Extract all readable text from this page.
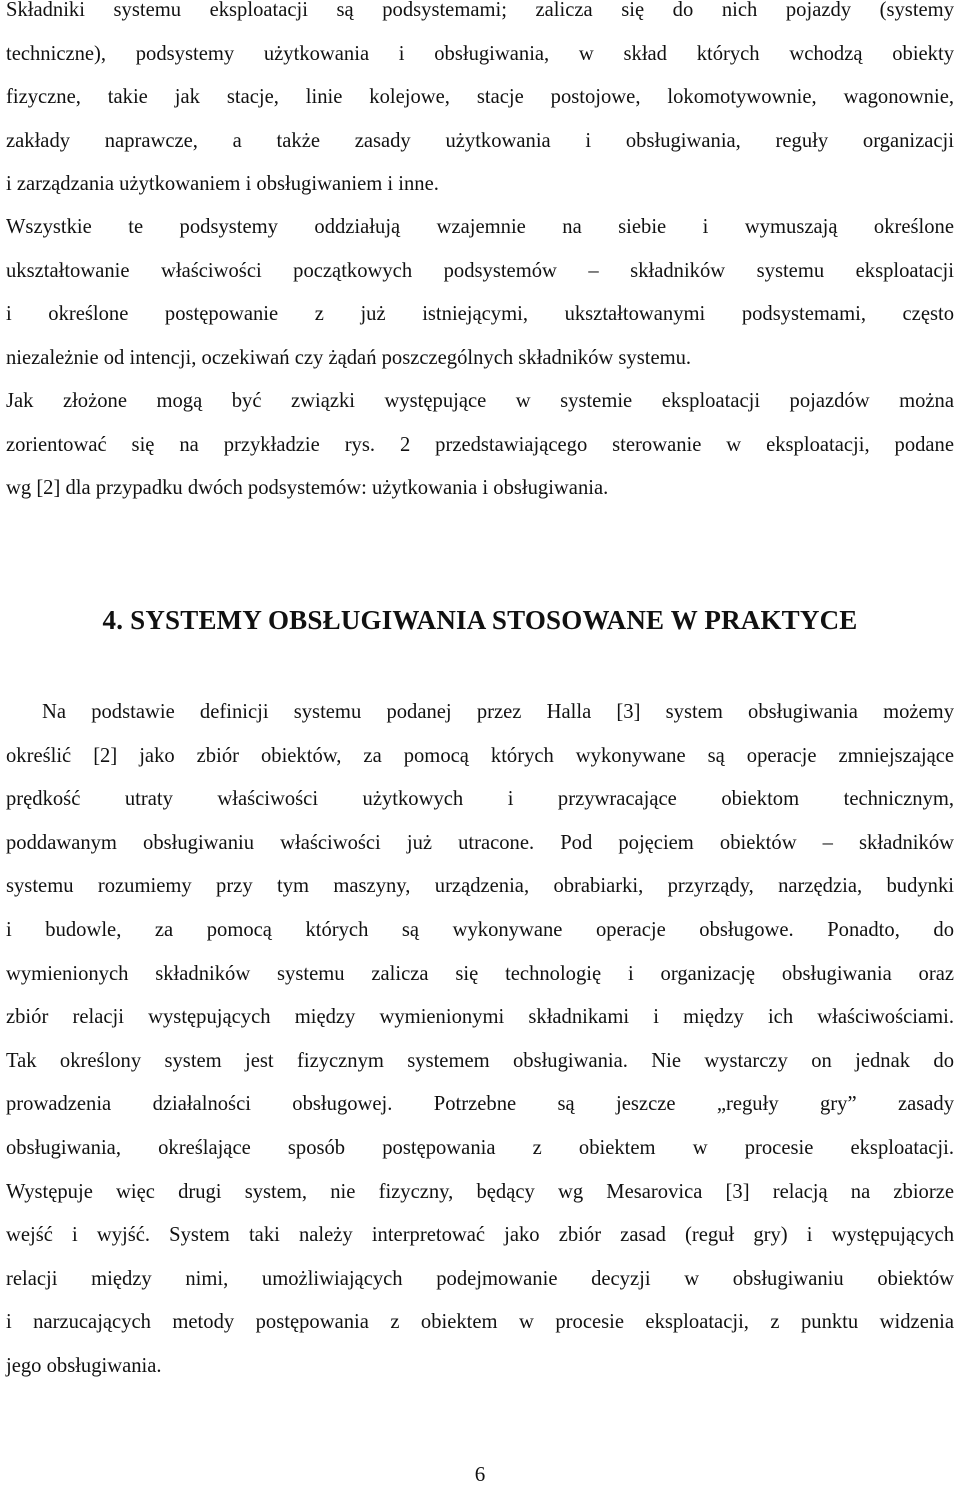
Składniki systemu eksploatacji są podsystemami; zalicza się do nich pojazdy (systemy
techniczne), podsystemy użytkowania i obsługiwania, w skład których wchodzą obiekty
fizyczne, takie jak stacje, linie kolejowe, stacje postojowe, lokomotywownie, wagonownie,
zakłady naprawcze, a także zasady użytkowania i obsługiwania, reguły organizacji
i zarządzania użytkowaniem i obsługiwaniem i inne.
Wszystkie te podsystemy oddziałują wzajemnie na siebie i wymuszają określone
ukształtowanie właściwości początkowych podsystemów – składników systemu eksploatacji
i określone postępowanie z już istniejącymi, ukształtowanymi podsystemami, często
niezależnie od intencji, oczekiwań czy żądań poszczególnych składników systemu.
Jak złożone mogą być związki występujące w systemie eksploatacji pojazdów można
zorientować się na przykładzie rys. 2 przedstawiającego sterowanie w eksploatacji, podane
wg [2] dla przypadku dwóch podsystemów: użytkowania i obsługiwania.
4. SYSTEMY OBSŁUGIWANIA STOSOWANE W PRAKTYCE
Na podstawie definicji systemu podanej przez Halla [3] system obsługiwania możemy
określić [2] jako zbiór obiektów, za pomocą których wykonywane są operacje zmniejszające
prędkość utraty właściwości użytkowych i przywracające obiektom technicznym,
poddawanym obsługiwaniu właściwości już utracone. Pod pojęciem obiektów – składników
systemu rozumiemy przy tym maszyny, urządzenia, obrabiarki, przyrządy, narzędzia, budynki
i budowle, za pomocą których są wykonywane operacje obsługowe. Ponadto, do
wymienionych składników systemu zalicza się technologię i organizację obsługiwania oraz
zbiór relacji występujących między wymienionymi składnikami i między ich właściwościami.
Tak określony system jest fizycznym systemem obsługiwania. Nie wystarczy on jednak do
prowadzenia działalności obsługowej. Potrzebne są jeszcze „reguły gry” zasady
obsługiwania, określające sposób postępowania z obiektem w procesie eksploatacji.
Występuje więc drugi system, nie fizyczny, będący wg Mesarovica [3] relacją na zbiorze
wejść i wyjść. System taki należy interpretować jako zbiór zasad (reguł gry) i występujących
relacji między nimi, umożliwiających podejmowanie decyzji w obsługiwaniu obiektów
i narzucających metody postępowania z obiektem w procesie eksploatacji, z punktu widzenia
jego obsługiwania.
6
